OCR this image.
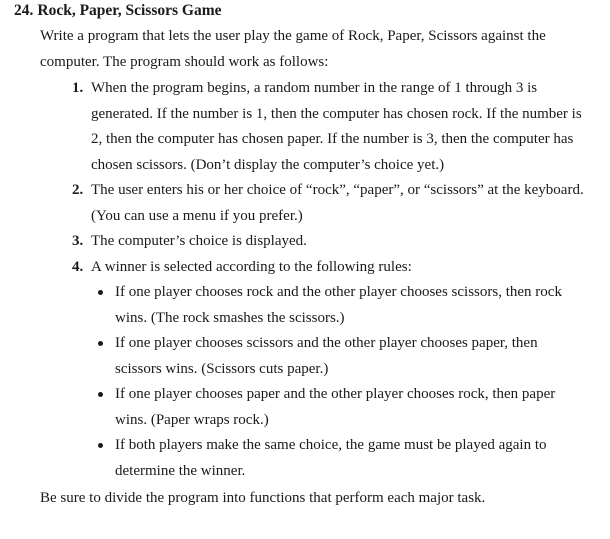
24. Rock, Paper, Scissors Game
Write a program that lets the user play the game of Rock, Paper, Scissors against the computer. The program should work as follows:
1. When the program begins, a random number in the range of 1 through 3 is generated. If the number is 1, then the computer has chosen rock. If the number is 2, then the computer has chosen paper. If the number is 3, then the computer has chosen scissors. (Don’t display the computer’s choice yet.)
2. The user enters his or her choice of “rock”, “paper”, or “scissors” at the keyboard. (You can use a menu if you prefer.)
3. The computer’s choice is displayed.
4. A winner is selected according to the following rules:
If one player chooses rock and the other player chooses scissors, then rock wins. (The rock smashes the scissors.)
If one player chooses scissors and the other player chooses paper, then scissors wins. (Scissors cuts paper.)
If one player chooses paper and the other player chooses rock, then paper wins. (Paper wraps rock.)
If both players make the same choice, the game must be played again to determine the winner.
Be sure to divide the program into functions that perform each major task.
